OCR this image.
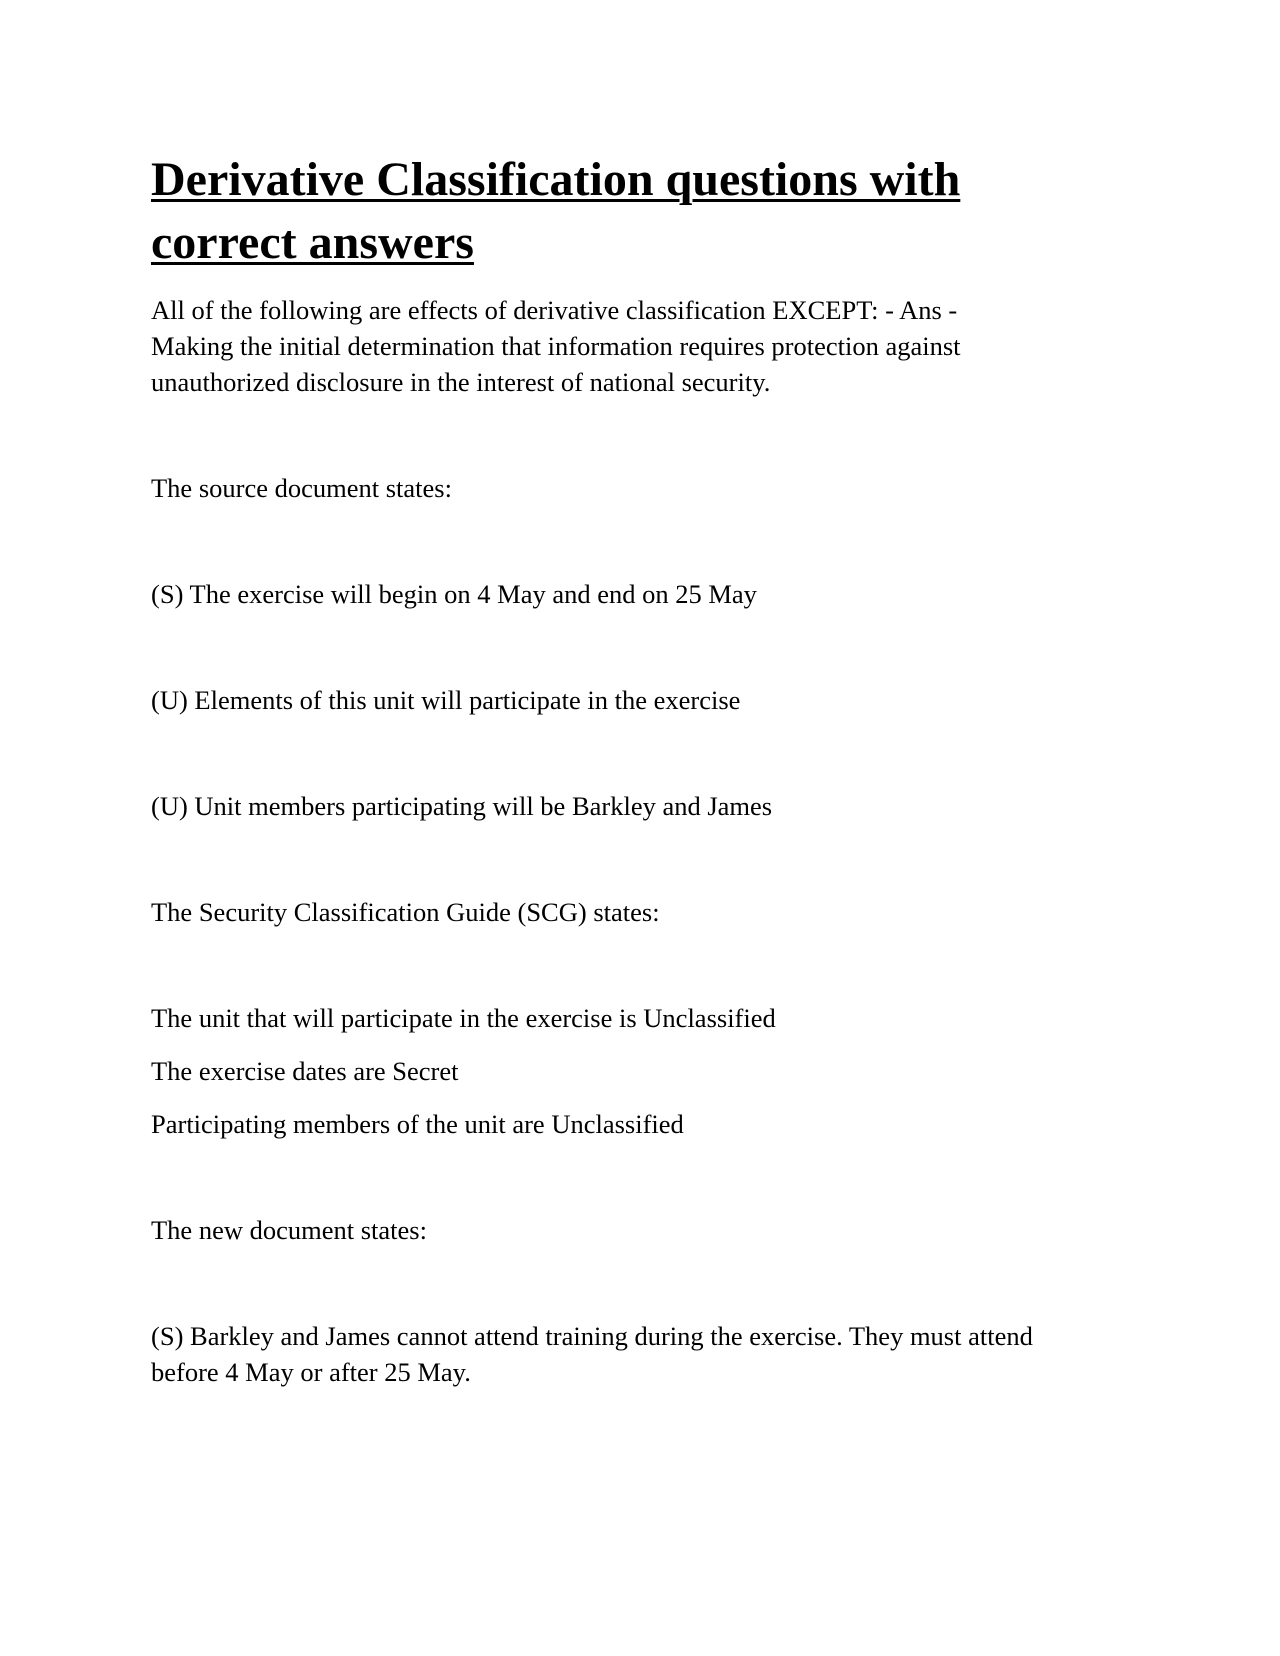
Derivative Classification questions with correct answers

All of the following are effects of derivative classification EXCEPT: - Ans -

Making the initial determination that information requires protection against

unauthorized disclosure in the interest of national security.

The source document states:

(S) The exercise will begin on 4 May and end on 25 May

(U) Elements of this unit will participate in the exercise

(U) Unit members participating will be Barkley and James

The Security Classification Guide (SCG) states:

The unit that will participate in the exercise is Unclassified

The exercise dates are Secret

Participating members of the unit are Unclassified

The new document states:

(S) Barkley and James cannot attend training during the exercise. They must attend

before 4 May or after 25 May.
